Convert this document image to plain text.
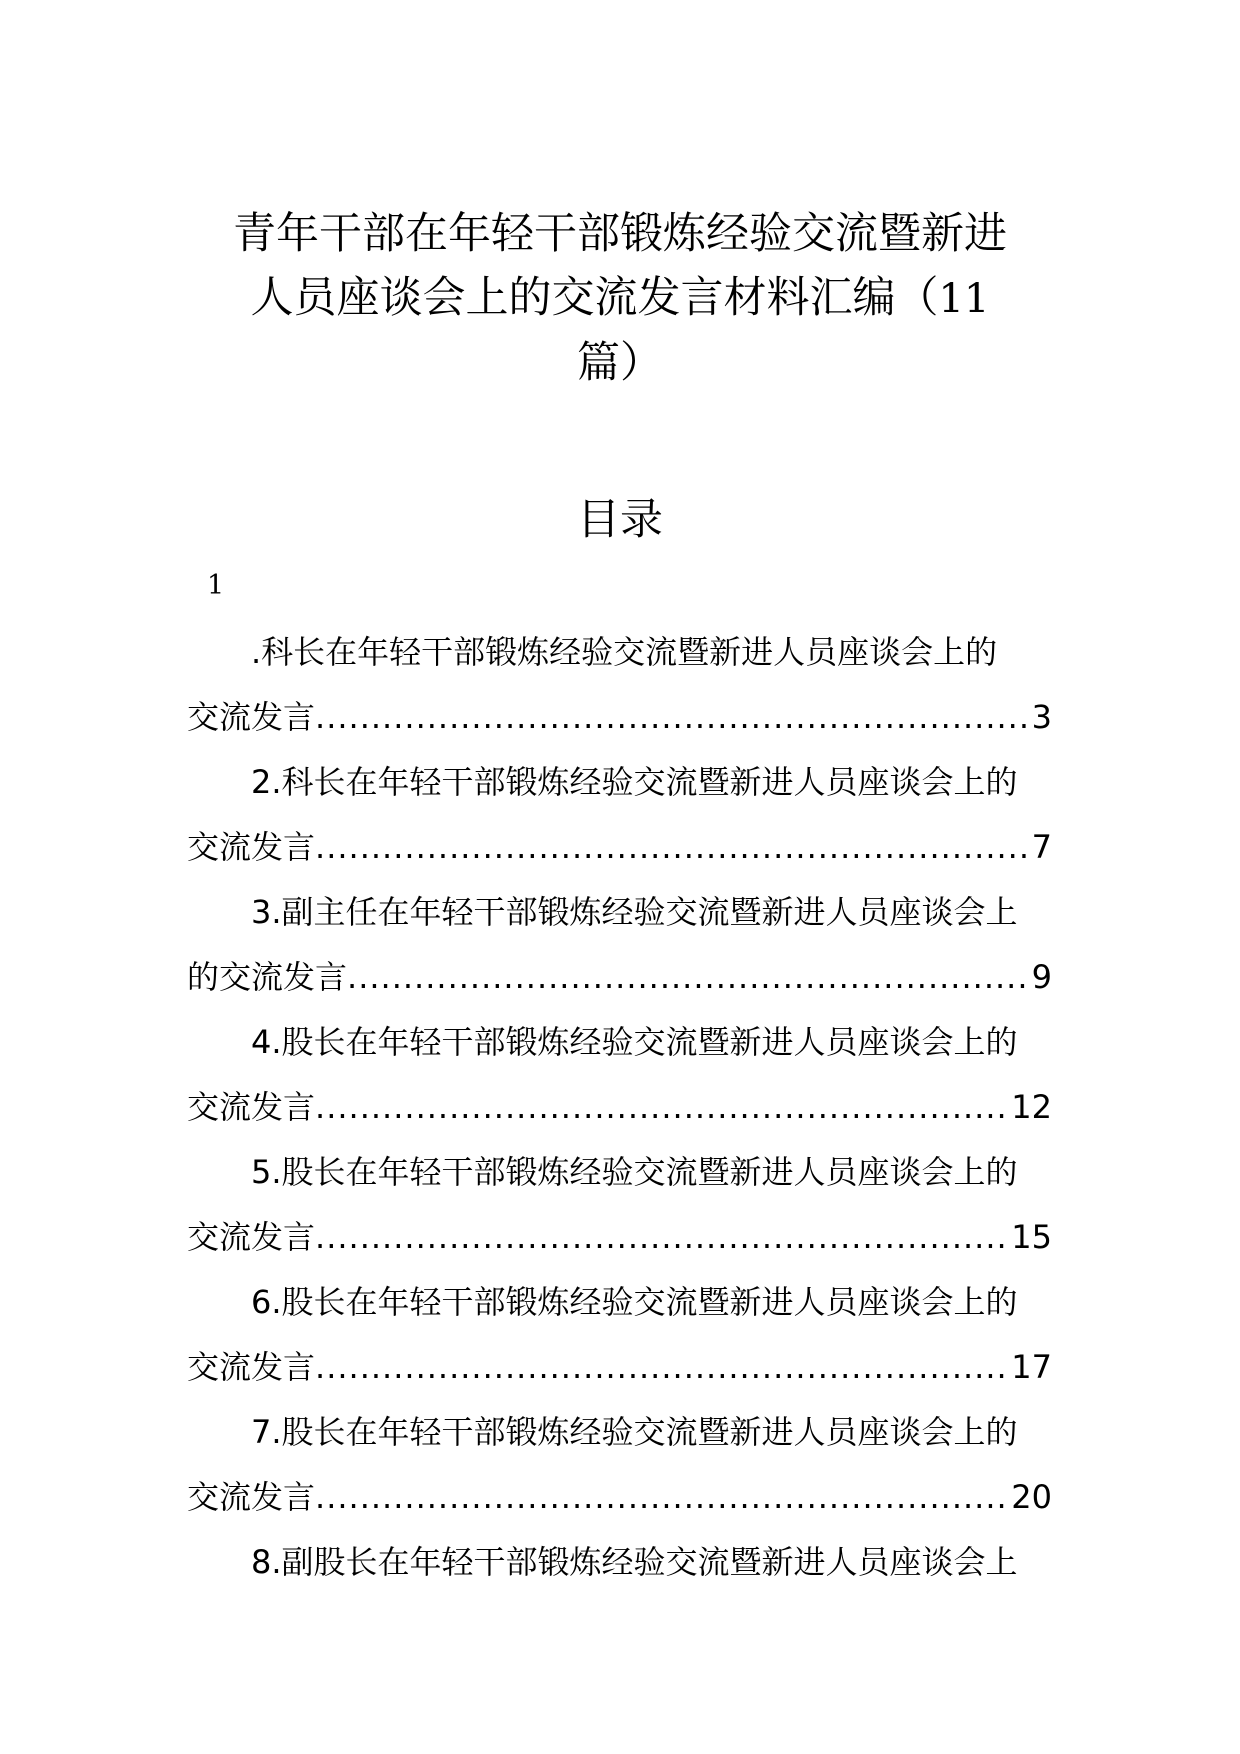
青年干部在年轻干部锻炼经验交流暨新进
人员座谈会上的交流发言材料汇编（11
篇）
目录
1
.科长在年轻干部锻炼经验交流暨新进人员座谈会上的
交流发言 .....	3
2.科长在年轻干部锻炼经验交流暨新进人员座谈会上的
交流发言 .....	7
3.副主任在年轻干部锻炼经验交流暨新进人员座谈会上
的交流发言 .....	9
4.股长在年轻干部锻炼经验交流暨新进人员座谈会上的
交流发言 .....	12
5.股长在年轻干部锻炼经验交流暨新进人员座谈会上的
交流发言 .....	15
6.股长在年轻干部锻炼经验交流暨新进人员座谈会上的
交流发言 .....	17
7.股长在年轻干部锻炼经验交流暨新进人员座谈会上的
交流发言 .....	20
8.副股长在年轻干部锻炼经验交流暨新进人员座谈会上
